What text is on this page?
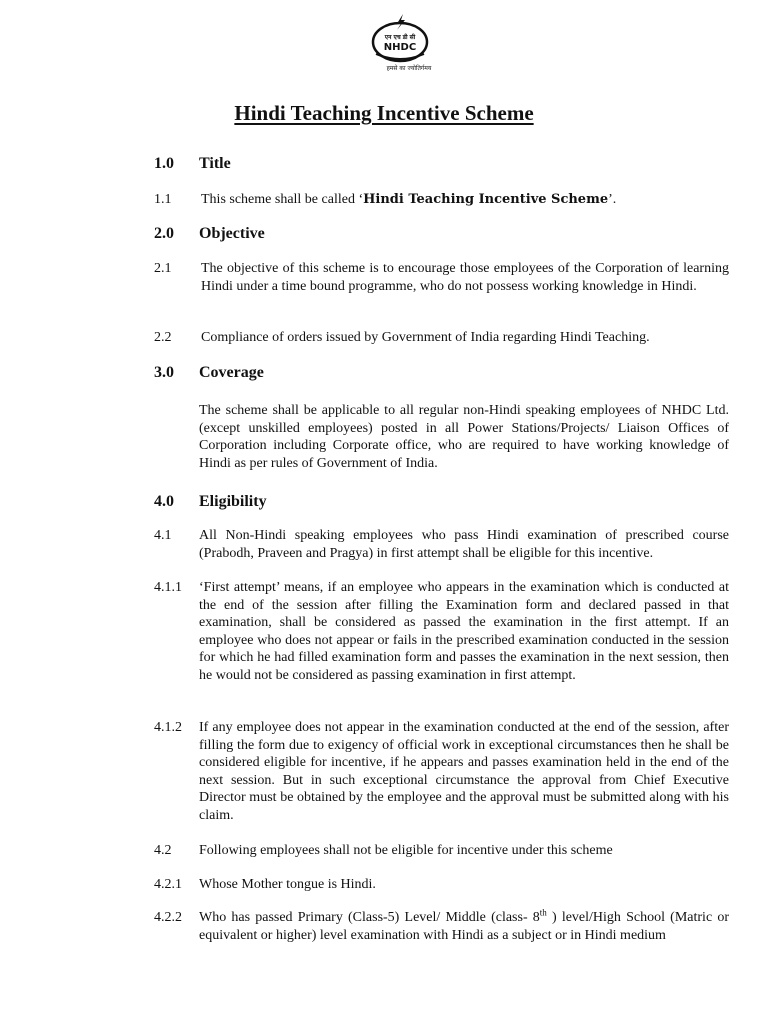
एन एच डी सी
NHDC
हमसे का ज्योतिर्गमय
Hindi Teaching Incentive Scheme
1.0 Title
1.1 This scheme shall be called ‘Hindi Teaching Incentive Scheme’.
2.0 Objective
2.1 The objective of this scheme is to encourage those employees of the Corporation of learning Hindi under a time bound programme, who do not possess working knowledge in Hindi.
2.2 Compliance of orders issued by Government of India regarding Hindi Teaching.
3.0 Coverage
The scheme shall be applicable to all regular non-Hindi speaking employees of NHDC Ltd. (except unskilled employees) posted in all Power Stations/Projects/ Liaison Offices of Corporation including Corporate office, who are required to have working knowledge of Hindi as per rules of Government of India.
4.0 Eligibility
4.1 All Non-Hindi speaking employees who pass Hindi examination of prescribed course (Prabodh, Praveen and Pragya) in first attempt shall be eligible for this incentive.
4.1.1 ‘First attempt’ means, if an employee who appears in the examination which is conducted at the end of the session after filling the Examination form and declared passed in that examination, shall be considered as passed the examination in the first attempt. If an employee who does not appear or fails in the prescribed examination conducted in the session for which he had filled examination form and passes the examination in the next session, then he would not be considered as passing examination in first attempt.
4.1.2 If any employee does not appear in the examination conducted at the end of the session, after filling the form due to exigency of official work in exceptional circumstances then he shall be considered eligible for incentive, if he appears and passes examination held in the end of the next session. But in such exceptional circumstance the approval from Chief Executive Director must be obtained by the employee and the approval must be submitted along with his claim.
4.2 Following employees shall not be eligible for incentive under this scheme
4.2.1 Whose Mother tongue is Hindi.
4.2.2 Who has passed Primary (Class-5) Level/ Middle (class- 8th ) level/High School (Matric or equivalent or higher) level examination with Hindi as a subject or in Hindi medium
